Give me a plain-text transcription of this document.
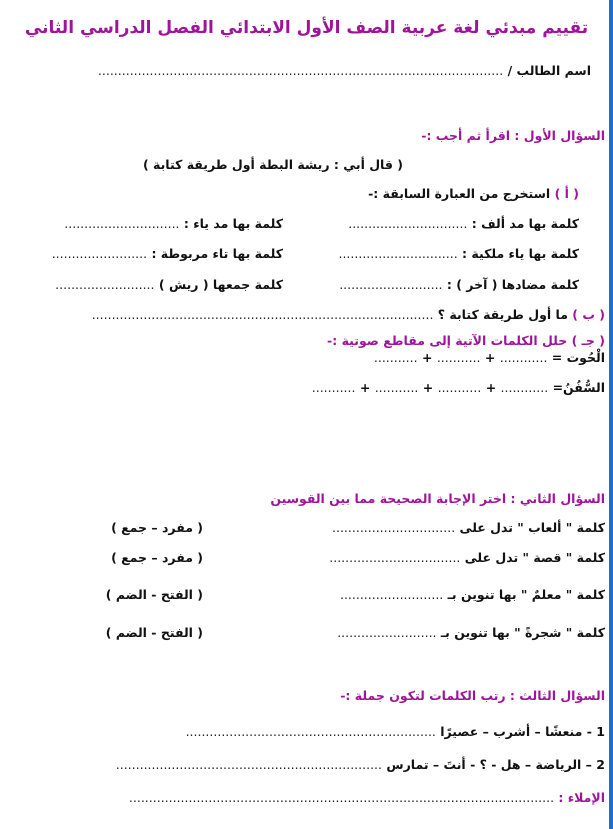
تقييم مبدئي لغة عربية الصف الأول الابتدائي الفصل الدراسي الثاني
اسم الطالب / ......................................................................................................
السؤال الأول : اقرأ ثم أجب :-
( قال أبي : ريشة البطة أول طريقة كتابة )
( أ ) استخرج من العبارة السابقة :-
كلمة بها مد ألف : ..............................
كلمة بها مد ياء : .............................
كلمة بها ياء ملكية : ..............................
كلمة بها تاء مربوطة : ........................
كلمة مضادها ( آخر ) : ..........................
كلمة جمعها ( ريش ) .........................
( ب ) ما أول طريقة كتابة ؟ ......................................................................................
( جـ ) حلل الكلمات الآتية إلى مقاطع صوتية :-
الْحُوت = ............ + ........... + ...........
السُّفُنُ= ............ + ........... + ........... + ...........
السؤال الثاني : اختر الإجابة الصحيحة مما بين القوسين
كلمة " ألعاب " تدل على ...............................
( مفرد – جمع )
كلمة " قصة " تدل على .................................
( مفرد – جمع )
كلمة " معلمٌ " بها تنوين بـ ..........................
( الفتح - الضم )
كلمة " شجرةً " بها تنوين بـ .........................
( الفتح - الضم )
السؤال الثالث : رتب الكلمات لتكون جملة :-
1 - منعشًا – أشرب – عصيرًا ...............................................................
2 – الرياضة – هل - ؟ - أنتَ – تمارس ...................................................................
الإملاء : ...........................................................................................................
